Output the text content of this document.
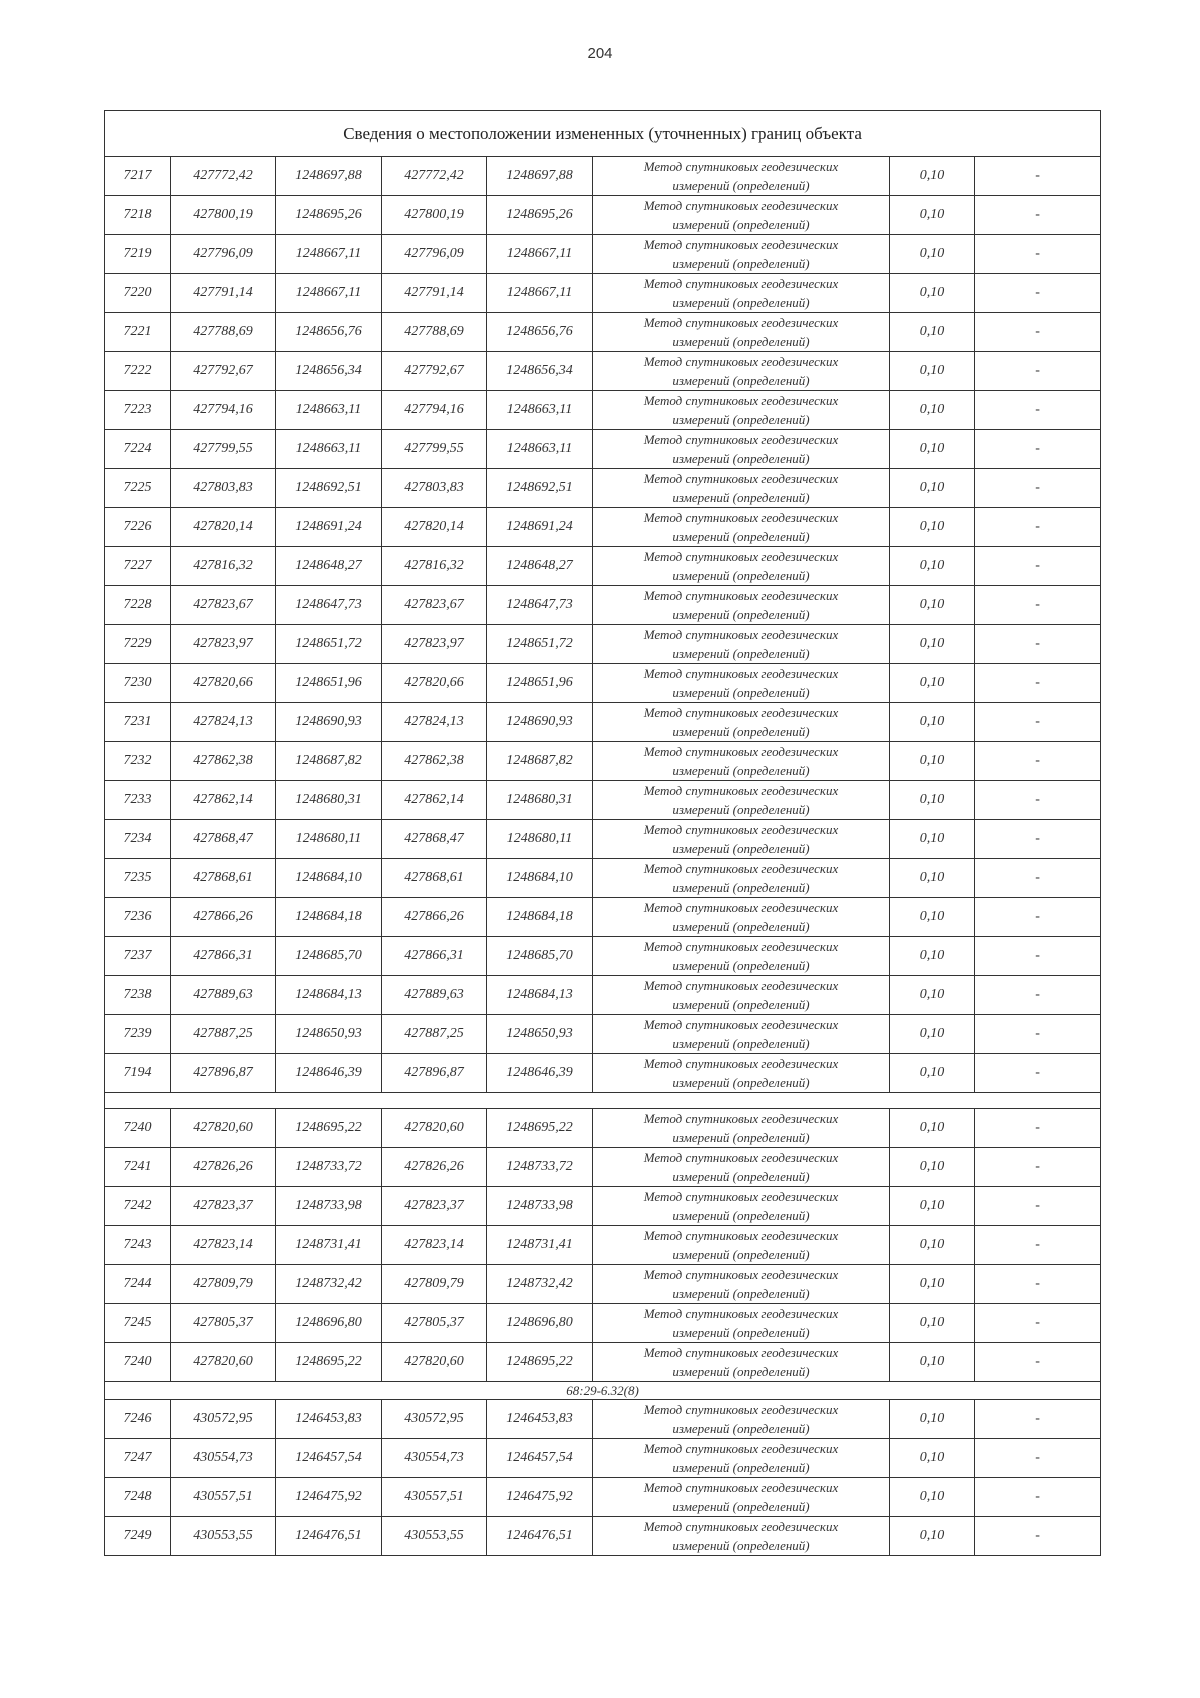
204
Сведения о местоположении измененных (уточненных) границ объекта							
7217	427772,42	1248697,88	427772,42	1248697,88	Метод спутниковых геодезических
измерений (определений)	0,10	-
7218	427800,19	1248695,26	427800,19	1248695,26	Метод спутниковых геодезических
измерений (определений)	0,10	-
7219	427796,09	1248667,11	427796,09	1248667,11	Метод спутниковых геодезических
измерений (определений)	0,10	-
7220	427791,14	1248667,11	427791,14	1248667,11	Метод спутниковых геодезических
измерений (определений)	0,10	-
7221	427788,69	1248656,76	427788,69	1248656,76	Метод спутниковых геодезических
измерений (определений)	0,10	-
7222	427792,67	1248656,34	427792,67	1248656,34	Метод спутниковых геодезических
измерений (определений)	0,10	-
7223	427794,16	1248663,11	427794,16	1248663,11	Метод спутниковых геодезических
измерений (определений)	0,10	-
7224	427799,55	1248663,11	427799,55	1248663,11	Метод спутниковых геодезических
измерений (определений)	0,10	-
7225	427803,83	1248692,51	427803,83	1248692,51	Метод спутниковых геодезических
измерений (определений)	0,10	-
7226	427820,14	1248691,24	427820,14	1248691,24	Метод спутниковых геодезических
измерений (определений)	0,10	-
7227	427816,32	1248648,27	427816,32	1248648,27	Метод спутниковых геодезических
измерений (определений)	0,10	-
7228	427823,67	1248647,73	427823,67	1248647,73	Метод спутниковых геодезических
измерений (определений)	0,10	-
7229	427823,97	1248651,72	427823,97	1248651,72	Метод спутниковых геодезических
измерений (определений)	0,10	-
7230	427820,66	1248651,96	427820,66	1248651,96	Метод спутниковых геодезических
измерений (определений)	0,10	-
7231	427824,13	1248690,93	427824,13	1248690,93	Метод спутниковых геодезических
измерений (определений)	0,10	-
7232	427862,38	1248687,82	427862,38	1248687,82	Метод спутниковых геодезических
измерений (определений)	0,10	-
7233	427862,14	1248680,31	427862,14	1248680,31	Метод спутниковых геодезических
измерений (определений)	0,10	-
7234	427868,47	1248680,11	427868,47	1248680,11	Метод спутниковых геодезических
измерений (определений)	0,10	-
7235	427868,61	1248684,10	427868,61	1248684,10	Метод спутниковых геодезических
измерений (определений)	0,10	-
7236	427866,26	1248684,18	427866,26	1248684,18	Метод спутниковых геодезических
измерений (определений)	0,10	-
7237	427866,31	1248685,70	427866,31	1248685,70	Метод спутниковых геодезических
измерений (определений)	0,10	-
7238	427889,63	1248684,13	427889,63	1248684,13	Метод спутниковых геодезических
измерений (определений)	0,10	-
7239	427887,25	1248650,93	427887,25	1248650,93	Метод спутниковых геодезических
измерений (определений)	0,10	-
7194	427896,87	1248646,39	427896,87	1248646,39	Метод спутниковых геодезических
измерений (определений)	0,10	-

7240	427820,60	1248695,22	427820,60	1248695,22	Метод спутниковых геодезических
измерений (определений)	0,10	-
7241	427826,26	1248733,72	427826,26	1248733,72	Метод спутниковых геодезических
измерений (определений)	0,10	-
7242	427823,37	1248733,98	427823,37	1248733,98	Метод спутниковых геодезических
измерений (определений)	0,10	-
7243	427823,14	1248731,41	427823,14	1248731,41	Метод спутниковых геодезических
измерений (определений)	0,10	-
7244	427809,79	1248732,42	427809,79	1248732,42	Метод спутниковых геодезических
измерений (определений)	0,10	-
7245	427805,37	1248696,80	427805,37	1248696,80	Метод спутниковых геодезических
измерений (определений)	0,10	-
7240	427820,60	1248695,22	427820,60	1248695,22	Метод спутниковых геодезических
измерений (определений)	0,10	-
68:29-6.32(8)							
7246	430572,95	1246453,83	430572,95	1246453,83	Метод спутниковых геодезических
измерений (определений)	0,10	-
7247	430554,73	1246457,54	430554,73	1246457,54	Метод спутниковых геодезических
измерений (определений)	0,10	-
7248	430557,51	1246475,92	430557,51	1246475,92	Метод спутниковых геодезических
измерений (определений)	0,10	-
7249	430553,55	1246476,51	430553,55	1246476,51	Метод спутниковых геодезических
измерений (определений)	0,10	-
